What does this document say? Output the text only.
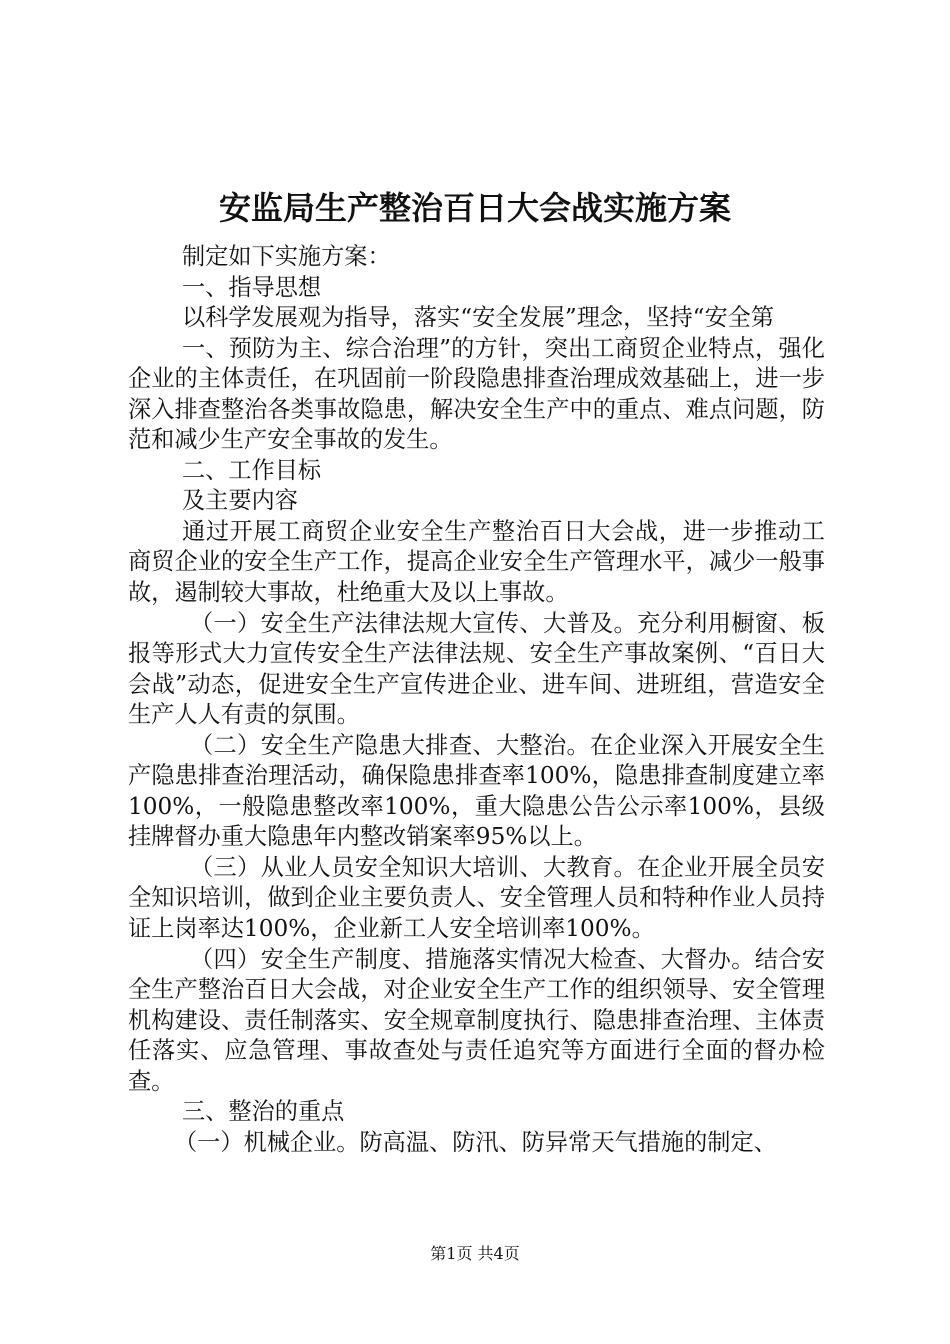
安监局生产整治百日大会战实施方案

制定如下实施方案：

一、指导思想

以科学发展观为指导，落实“安全发展”理念，坚持“安全第

一、预防为主、综合治理”的方针，突出工商贸企业特点，强化企业的主体责任，在巩固前一阶段隐患排查治理成效基础上，进一步深入排查整治各类事故隐患，解决安全生产中的重点、难点问题，防范和减少生产安全事故的发生。

二、工作目标

及主要内容

通过开展工商贸企业安全生产整治百日大会战，进一步推动工商贸企业的安全生产工作，提高企业安全生产管理水平，减少一般事故，遏制较大事故，杜绝重大及以上事故。

（一）安全生产法律法规大宣传、大普及。充分利用橱窗、板报等形式大力宣传安全生产法律法规、安全生产事故案例、“百日大会战”动态，促进安全生产宣传进企业、进车间、进班组，营造安全生产人人有责的氛围。

（二）安全生产隐患大排查、大整治。在企业深入开展安全生产隐患排查治理活动，确保隐患排查率100%，隐患排查制度建立率100%，一般隐患整改率100%，重大隐患公告公示率100%，县级挂牌督办重大隐患年内整改销案率95%以上。

（三）从业人员安全知识大培训、大教育。在企业开展全员安全知识培训，做到企业主要负责人、安全管理人员和特种作业人员持证上岗率达100%，企业新工人安全培训率100%。

（四）安全生产制度、措施落实情况大检查、大督办。结合安全生产整治百日大会战，对企业安全生产工作的组织领导、安全管理机构建设、责任制落实、安全规章制度执行、隐患排查治理、主体责任落实、应急管理、事故查处与责任追究等方面进行全面的督办检查。

三、整治的重点

（一）机械企业。防高温、防汛、防异常天气措施的制定、

第1页 共4页
